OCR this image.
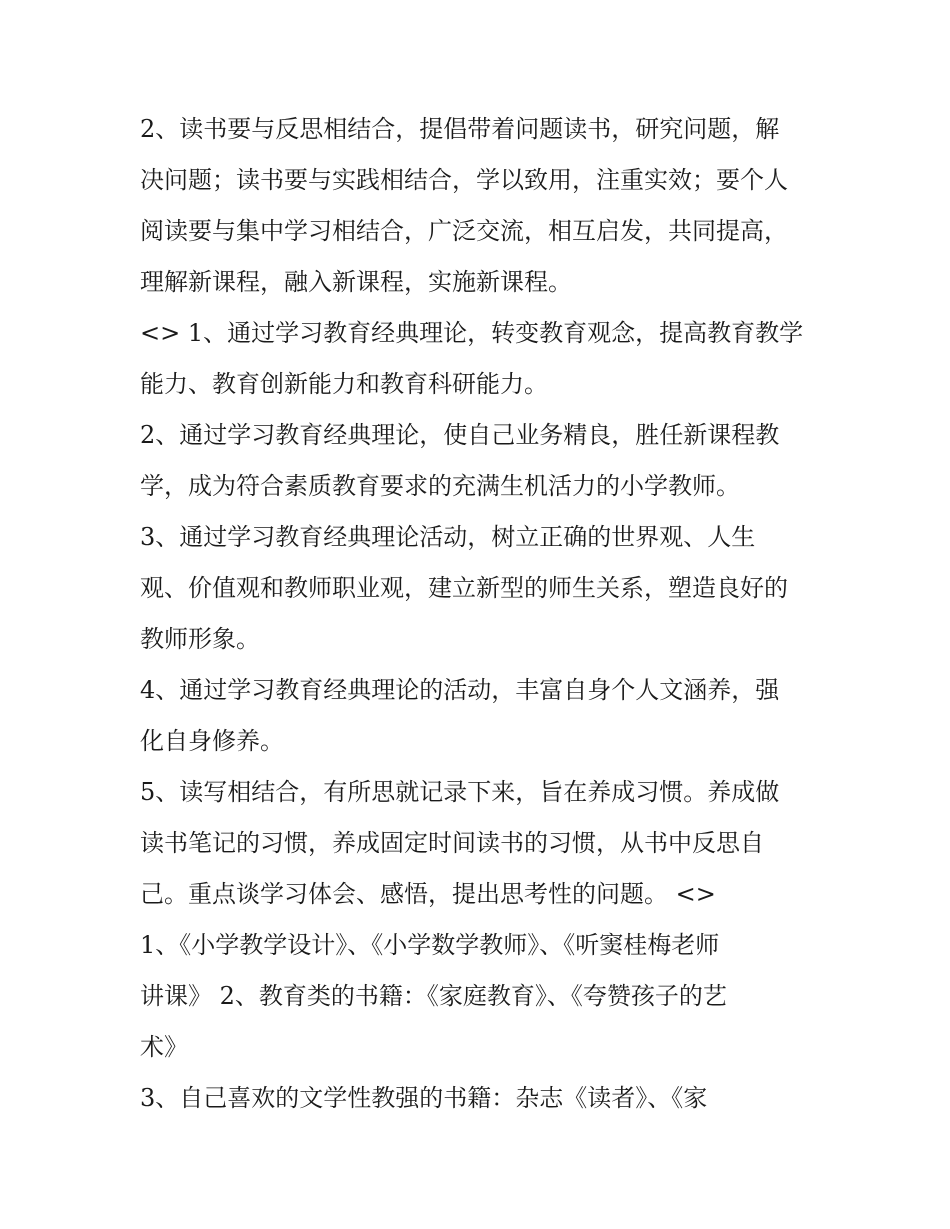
2、读书要与反思相结合，提倡带着问题读书，研究问题，解
决问题；读书要与实践相结合，学以致用，注重实效；要个人
阅读要与集中学习相结合，广泛交流，相互启发，共同提高，
理解新课程，融入新课程，实施新课程。

<> 1、通过学习教育经典理论，转变教育观念，提高教育教学
能力、教育创新能力和教育科研能力。

2、通过学习教育经典理论，使自己业务精良，胜任新课程教
学，成为符合素质教育要求的充满生机活力的小学教师。

3、通过学习教育经典理论活动，树立正确的世界观、人生
观、价值观和教师职业观，建立新型的师生关系，塑造良好的
教师形象。

4、通过学习教育经典理论的活动，丰富自身个人文涵养，强
化自身修养。

5、读写相结合，有所思就记录下来，旨在养成习惯。养成做
读书笔记的习惯，养成固定时间读书的习惯，从书中反思自
己。重点谈学习体会、感悟，提出思考性的问题。 <>

1、《小学教学设计》、《小学数学教师》、《听窦桂梅老师
讲课》 2、教育类的书籍：《家庭教育》、《夸赞孩子的艺
术》

3、自己喜欢的文学性教强的书籍：杂志《读者》、《家
